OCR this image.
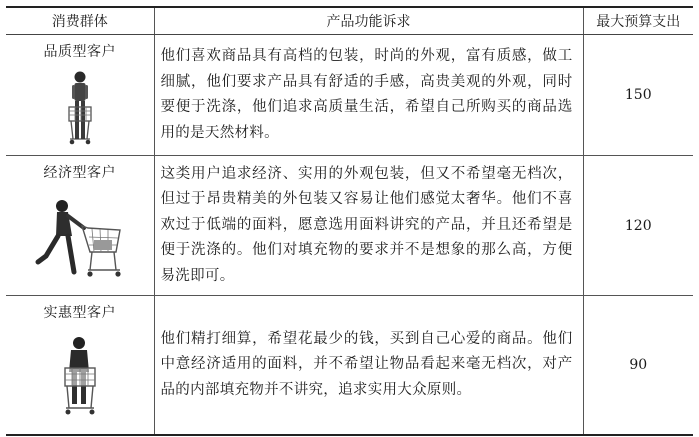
消费群体	产品功能诉求	最大预算支出

品质型客户	他们喜欢商品具有高档的包装，时尚的外观，富有质感，做工细腻，他们要求产品具有舒适的手感，高贵美观的外观，同时要便于洗涤，他们追求高质量生活，希望自己所购买的商品选用的是天然材料。	150

经济型客户	这类用户追求经济、实用的外观包装，但又不希望毫无档次，但过于昂贵精美的外包装又容易让他们感觉太奢华。他们不喜欢过于低端的面料，愿意选用面料讲究的产品，并且还希望是便于洗涤的。他们对填充物的要求并不是想象的那么高，方便易洗即可。	120

实惠型客户	他们精打细算，希望花最少的钱，买到自己心爱的商品。他们中意经济适用的面料，并不希望让物品看起来毫无档次，对产品的内部填充物并不讲究，追求实用大众原则。	90
